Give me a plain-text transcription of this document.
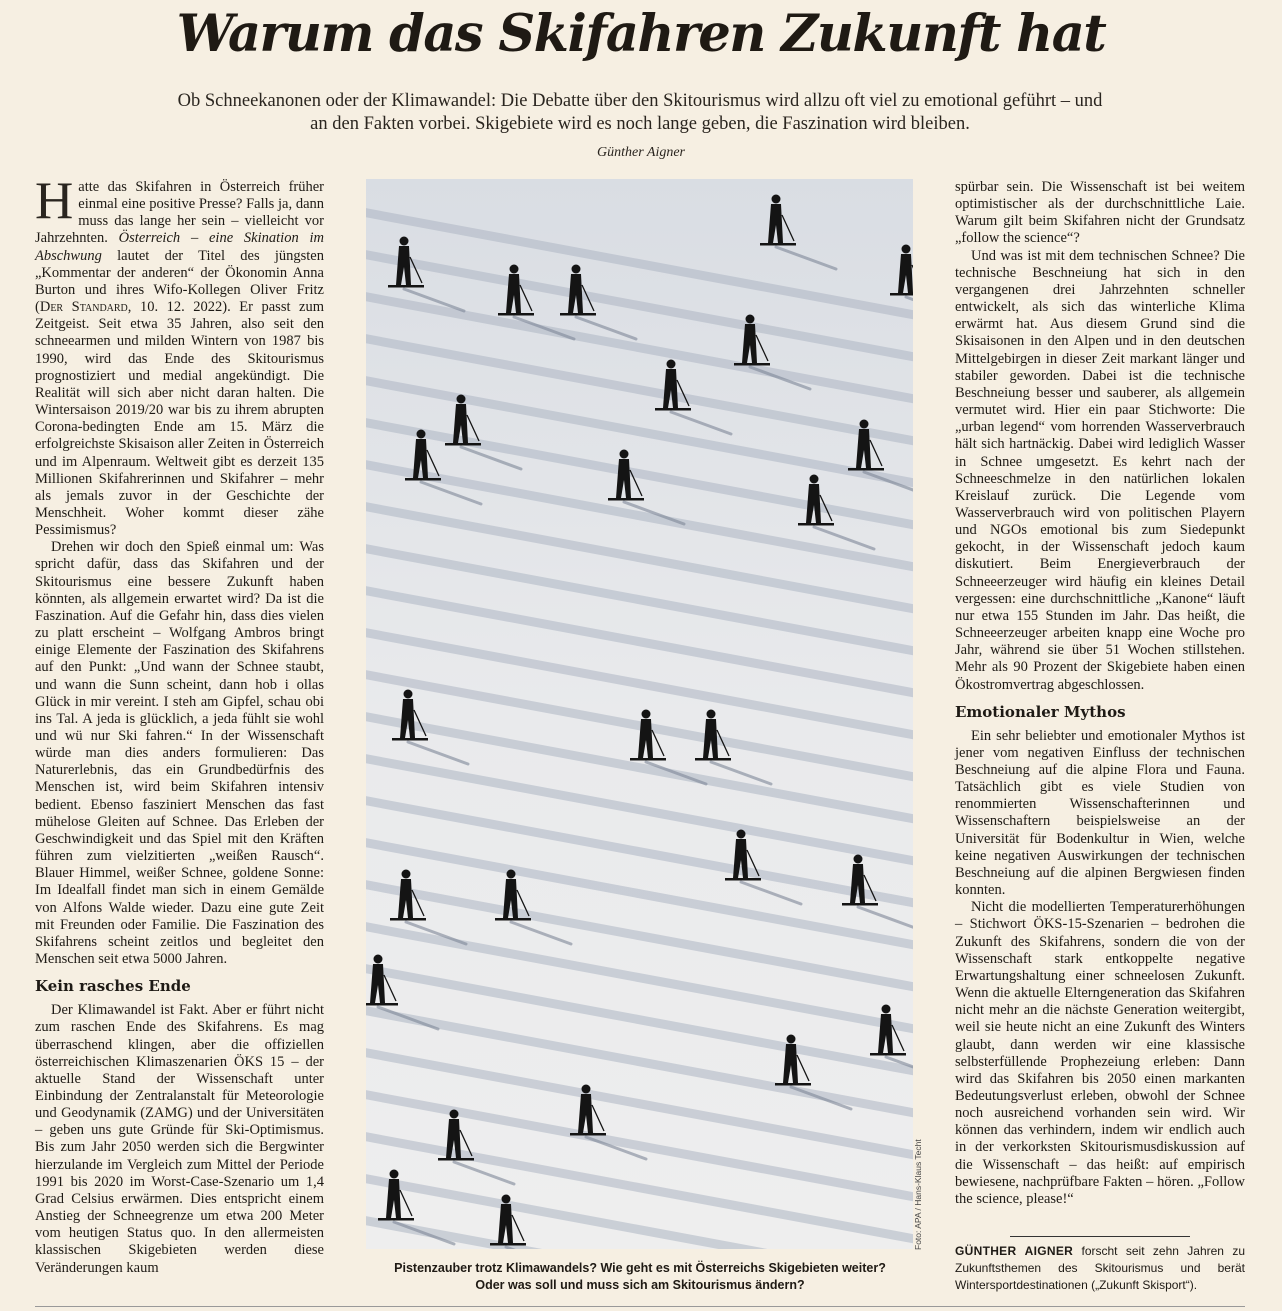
Warum das Skifahren Zukunft hat
Ob Schneekanonen oder der Klimawandel: Die Debatte über den Skitourismus wird allzu oft viel zu emotional geführt – und an den Fakten vorbei. Skigebiete wird es noch lange geben, die Faszination wird bleiben.
Günther Aigner

Hatte das Skifahren in Österreich früher einmal eine positive Presse? Falls ja, dann muss das lange her sein – vielleicht vor Jahrzehnten. Österreich – eine Skination im Abschwung lautet der Titel des jüngsten „Kommentar der anderen“ der Ökonomin Anna Burton und ihres Wifo-Kollegen Oliver Fritz (Der Standard, 10. 12. 2022). Er passt zum Zeitgeist. Seit etwa 35 Jahren, also seit den schneearmen und milden Wintern von 1987 bis 1990, wird das Ende des Skitourismus prognostiziert und medial angekündigt. Die Realität will sich aber nicht daran halten. Die Wintersaison 2019/20 war bis zu ihrem abrupten Corona-bedingten Ende am 15. März die erfolgreichste Skisaison aller Zeiten in Österreich und im Alpenraum. Weltweit gibt es derzeit 135 Millionen Skifahrerinnen und Skifahrer – mehr als jemals zuvor in der Geschichte der Menschheit. Woher kommt dieser zähe Pessimismus?

Drehen wir doch den Spieß einmal um: Was spricht dafür, dass das Skifahren und der Skitourismus eine bessere Zukunft haben könnten, als allgemein erwartet wird? Da ist die Faszination. Auf die Gefahr hin, dass dies vielen zu platt erscheint – Wolfgang Ambros bringt einige Elemente der Faszination des Skifahrens auf den Punkt: „Und wann der Schnee staubt, und wann die Sunn scheint, dann hob i ollas Glück in mir vereint. I steh am Gipfel, schau obi ins Tal. A jeda is glücklich, a jeda fühlt sie wohl und wü nur Ski fahren.“ In der Wissenschaft würde man dies anders formulieren: Das Naturerlebnis, das ein Grundbedürfnis des Menschen ist, wird beim Skifahren intensiv bedient. Ebenso fasziniert Menschen das fast mühelose Gleiten auf Schnee. Das Erleben der Geschwindigkeit und das Spiel mit den Kräften führen zum vielzitierten „weißen Rausch“. Blauer Himmel, weißer Schnee, goldene Sonne: Im Idealfall findet man sich in einem Gemälde von Alfons Walde wieder. Dazu eine gute Zeit mit Freunden oder Familie. Die Faszination des Skifahrens scheint zeitlos und begleitet den Menschen seit etwa 5000 Jahren.

Kein rasches Ende

Der Klimawandel ist Fakt. Aber er führt nicht zum raschen Ende des Skifahrens. Es mag überraschend klingen, aber die offiziellen österreichischen Klimaszenarien ÖKS 15 – der aktuelle Stand der Wissenschaft unter Einbindung der Zentralanstalt für Meteorologie und Geodynamik (ZAMG) und der Universitäten – geben uns gute Gründe für Ski-Optimismus. Bis zum Jahr 2050 werden sich die Bergwinter hierzulande im Vergleich zum Mittel der Periode 1991 bis 2020 im Worst-Case-Szenario um 1,4 Grad Celsius erwärmen. Dies entspricht einem Anstieg der Schneegrenze um etwa 200 Meter vom heutigen Status quo. In den allermeisten klassischen Skigebieten werden diese Veränderungen kaum

Foto: APA / Hans-Klaus Techt
Pistenzauber trotz Klimawandels? Wie geht es mit Österreichs Skigebieten weiter? Oder was soll und muss sich am Skitourismus ändern?

spürbar sein. Die Wissenschaft ist bei weitem optimistischer als der durchschnittliche Laie. Warum gilt beim Skifahren nicht der Grundsatz „follow the science“?

Und was ist mit dem technischen Schnee? Die technische Beschneiung hat sich in den vergangenen drei Jahrzehnten schneller entwickelt, als sich das winterliche Klima erwärmt hat. Aus diesem Grund sind die Skisaisonen in den Alpen und in den deutschen Mittelgebirgen in dieser Zeit markant länger und stabiler geworden. Dabei ist die technische Beschneiung besser und sauberer, als allgemein vermutet wird. Hier ein paar Stichworte: Die „urban legend“ vom horrenden Wasserverbrauch hält sich hartnäckig. Dabei wird lediglich Wasser in Schnee umgesetzt. Es kehrt nach der Schneeschmelze in den natürlichen lokalen Kreislauf zurück. Die Legende vom Wasserverbrauch wird von politischen Playern und NGOs emotional bis zum Siedepunkt gekocht, in der Wissenschaft jedoch kaum diskutiert. Beim Energieverbrauch der Schneeerzeuger wird häufig ein kleines Detail vergessen: eine durchschnittliche „Kanone“ läuft nur etwa 155 Stunden im Jahr. Das heißt, die Schneeerzeuger arbeiten knapp eine Woche pro Jahr, während sie über 51 Wochen stillstehen. Mehr als 90 Prozent der Skigebiete haben einen Ökostromvertrag abgeschlossen.

Emotionaler Mythos

Ein sehr beliebter und emotionaler Mythos ist jener vom negativen Einfluss der technischen Beschneiung auf die alpine Flora und Fauna. Tatsächlich gibt es viele Studien von renommierten Wissenschafterinnen und Wissenschaftern beispielsweise an der Universität für Bodenkultur in Wien, welche keine negativen Auswirkungen der technischen Beschneiung auf die alpinen Bergwiesen finden konnten.

Nicht die modellierten Temperaturerhöhungen – Stichwort ÖKS-15-Szenarien – bedrohen die Zukunft des Skifahrens, sondern die von der Wissenschaft stark entkoppelte negative Erwartungshaltung einer schneelosen Zukunft. Wenn die aktuelle Elterngeneration das Skifahren nicht mehr an die nächste Generation weitergibt, weil sie heute nicht an eine Zukunft des Winters glaubt, dann werden wir eine klassische selbsterfüllende Prophezeiung erleben: Dann wird das Skifahren bis 2050 einen markanten Bedeutungsverlust erleben, obwohl der Schnee noch ausreichend vorhanden sein wird. Wir können das verhindern, indem wir endlich auch in der verkorksten Skitourismusdiskussion auf die Wissenschaft – das heißt: auf empirisch bewiesene, nachprüfbare Fakten – hören. „Follow the science, please!“

GÜNTHER AIGNER forscht seit zehn Jahren zu Zukunftsthemen des Skitourismus und berät Wintersportdestinationen („Zukunft Skisport“).
